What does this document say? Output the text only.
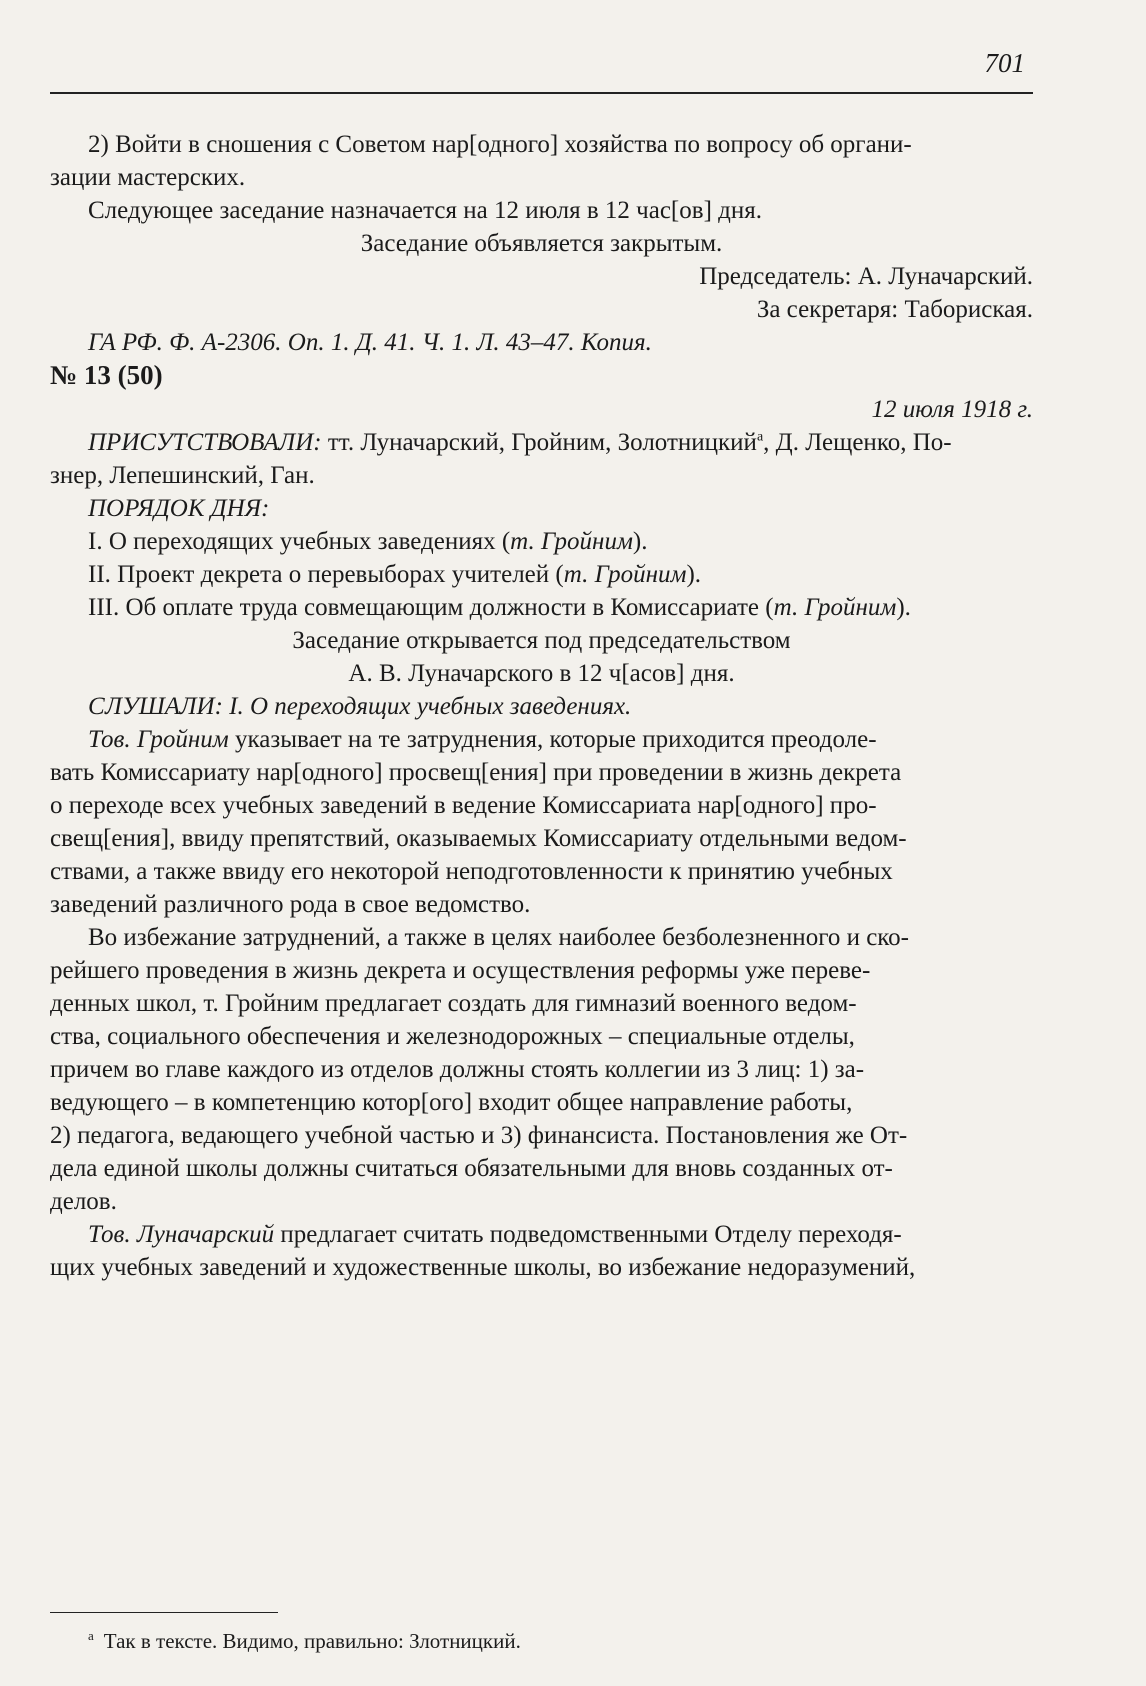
701

2) Войти в сношения с Советом нар[одного] хозяйства по вопросу об органи-

зации мастерских.

Следующее заседание назначается на 12 июля в 12 час[ов] дня.

Заседание объявляется закрытым.

Председатель: А. Луначарский.

За секретаря: Табориская.

ГА РФ. Ф. А-2306. Оп. 1. Д. 41. Ч. 1. Л. 43–47. Копия.

№ 13 (50)

12 июля 1918 г.

ПРИСУТСТВОВАЛИ: тт. Луначарский, Гройним, Золотницкий$^а$, Д. Лещенко, По-

знер, Лепешинский, Ган.

ПОРЯДОК ДНЯ:

I. О переходящих учебных заведениях (т. Гройним).

II. Проект декрета о перевыборах учителей (т. Гройним).

III. Об оплате труда совмещающим должности в Комиссариате (т. Гройним).

Заседание открывается под председательством

А. В. Луначарского в 12 ч[асов] дня.

СЛУШАЛИ: I. О переходящих учебных заведениях.

Тов. Гройним указывает на те затруднения, которые приходится преодоле-

вать Комиссариату нар[одного] просвещ[ения] при проведении в жизнь декрета

о переходе всех учебных заведений в ведение Комиссариата нар[одного] про-

свещ[ения], ввиду препятствий, оказываемых Комиссариату отдельными ведом-

ствами, а также ввиду его некоторой неподготовленности к принятию учебных

заведений различного рода в свое ведомство.

Во избежание затруднений, а также в целях наиболее безболезненного и ско-

рейшего проведения в жизнь декрета и осуществления реформы уже переве-

денных школ, т. Гройним предлагает создать для гимназий военного ведом-

ства, социального обеспечения и железнодорожных – специальные отделы,

причем во главе каждого из отделов должны стоять коллегии из 3 лиц: 1) за-

ведующего – в компетенцию котор[ого] входит общее направление работы,

2) педагога, ведающего учебной частью и 3) финансиста. Постановления же От-

дела единой школы должны считаться обязательными для вновь созданных от-

делов.

Тов. Луначарский предлагает считать подведомственными Отделу переходя-

щих учебных заведений и художественные школы, во избежание недоразумений,

$^а$ Так в тексте. Видимо, правильно: Злотницкий.
